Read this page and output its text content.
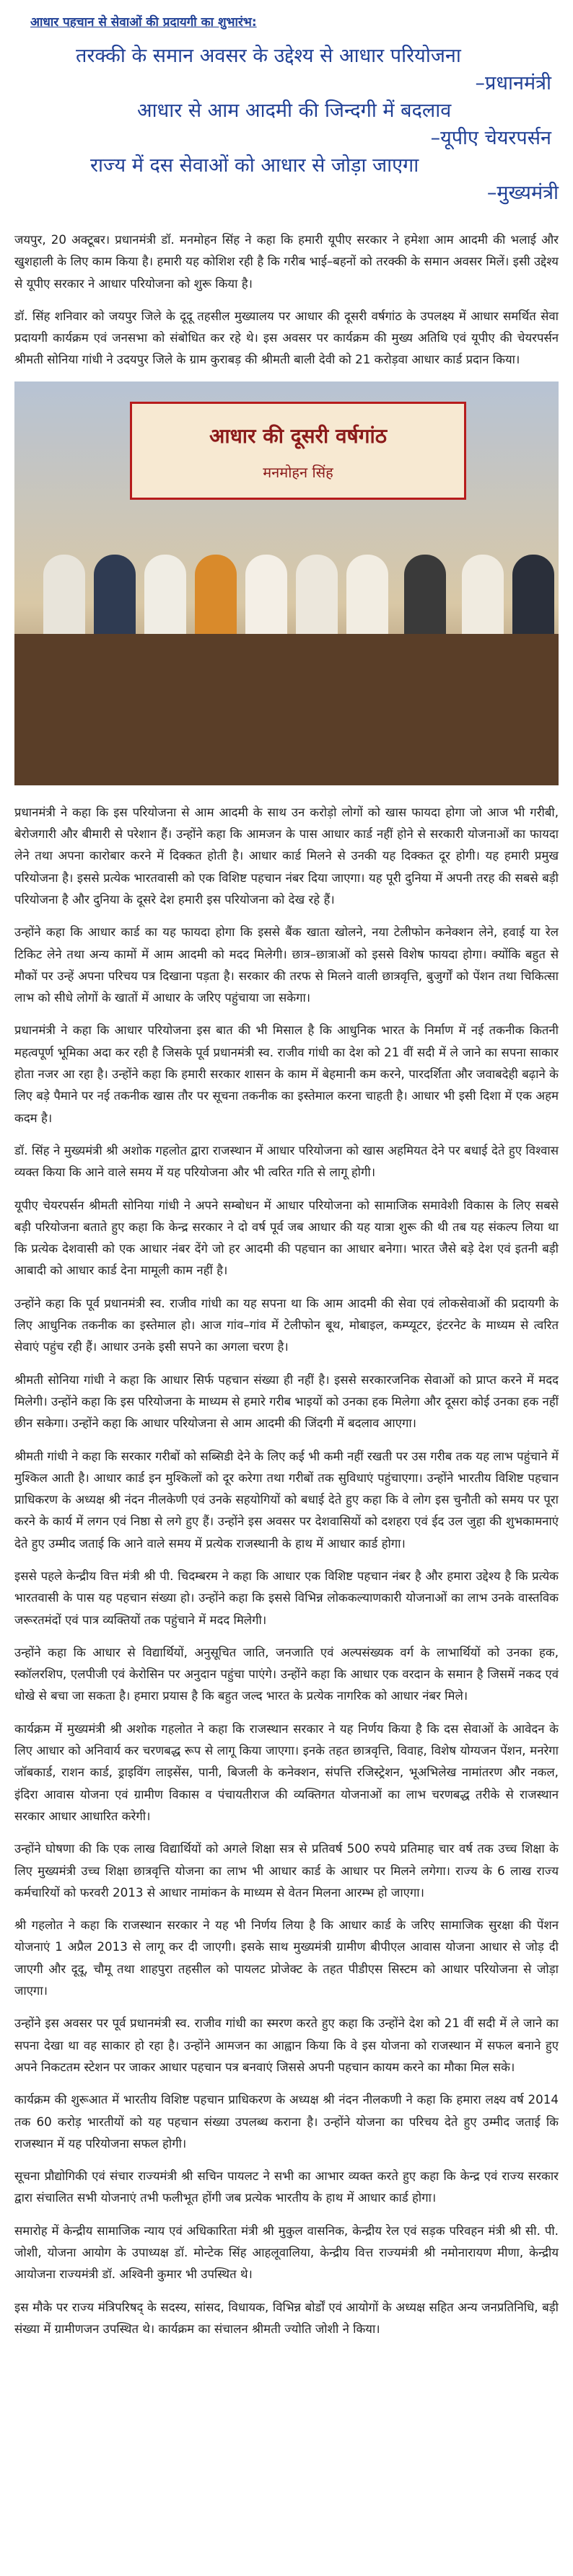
आधार पहचान से सेवाओं की प्रदायगी का शुभारंभ:
तरक्की के समान अवसर के उद्देश्य से आधार परियोजना
–प्रधानमंत्री
आधार से आम आदमी की जिन्दगी में बदलाव
–यूपीए चेयरपर्सन
राज्य में दस सेवाओं को आधार से जोड़ा जाएगा
–मुख्यमंत्री

जयपुर, 20 अक्टूबर। प्रधानमंत्री डॉ. मनमोहन सिंह ने कहा कि हमारी यूपीए सरकार ने हमेशा आम आदमी की भलाई और खुशहाली के लिए काम किया है। हमारी यह कोशिश रही है कि गरीब भाई–बहनों को तरक्की के समान अवसर मिलें। इसी उद्देश्य से यूपीए सरकार ने आधार परियोजना को शुरू किया है।

डॉ. सिंह शनिवार को जयपुर जिले के दूदू तहसील मुख्यालय पर आधार की दूसरी वर्षगांठ के उपलक्ष्य में आधार समर्थित सेवा प्रदायगी कार्यक्रम एवं जनसभा को संबोधित कर रहे थे। इस अवसर पर कार्यक्रम की मुख्य अतिथि एवं यूपीए की चेयरपर्सन श्रीमती सोनिया गांधी ने उदयपुर जिले के ग्राम कुराबड़ की श्रीमती बाली देवी को 21 करोड़वा आधार कार्ड प्रदान किया।

आधार की दूसरी वर्षगांठ
मनमोहन सिंह

प्रधानमंत्री ने कहा कि इस परियोजना से आम आदमी के साथ उन करोड़ो लोगों को खास फायदा होगा जो आज भी गरीबी, बेरोजगारी और बीमारी से परेशान हैं। उन्होंने कहा कि आमजन के पास आधार कार्ड नहीं होने से सरकारी योजनाओं का फायदा लेने तथा अपना कारोबार करने में दिक्कत होती है। आधार कार्ड मिलने से उनकी यह दिक्कत दूर होगी। यह हमारी प्रमुख परियोजना है। इससे प्रत्येक भारतवासी को एक विशिष्ट पहचान नंबर दिया जाएगा। यह पूरी दुनिया में अपनी तरह की सबसे बड़ी परियोजना है और दुनिया के दूसरे देश हमारी इस परियोजना को देख रहे हैं।

उन्होंने कहा कि आधार कार्ड का यह फायदा होगा कि इससे बैंक खाता खोलने, नया टेलीफोन कनेक्शन लेने, हवाई या रेल टिकिट लेने तथा अन्य कामों में आम आदमी को मदद मिलेगी। छात्र–छात्राओं को इससे विशेष फायदा होगा। क्योंकि बहुत से मौकों पर उन्हें अपना परिचय पत्र दिखाना पड़ता है। सरकार की तरफ से मिलने वाली छात्रवृत्ति, बुजुर्गों को पेंशन तथा चिकित्सा लाभ को सीधे लोगों के खातों में आधार के जरिए पहुंचाया जा सकेगा।

प्रधानमंत्री ने कहा कि आधार परियोजना इस बात की भी मिसाल है कि आधुनिक भारत के निर्माण में नई तकनीक कितनी महत्वपूर्ण भूमिका अदा कर रही है जिसके पूर्व प्रधानमंत्री स्व. राजीव गांधी का देश को 21 वीं सदी में ले जाने का सपना साकार होता नजर आ रहा है। उन्होंने कहा कि हमारी सरकार शासन के काम में बेहमानी कम करने, पारदर्शिता और जवाबदेही बढ़ाने के लिए बड़े पैमाने पर नई तकनीक खास तौर पर सूचना तकनीक का इस्तेमाल करना चाहती है। आधार भी इसी दिशा में एक अहम कदम है।

डॉ. सिंह ने मुख्यमंत्री श्री अशोक गहलोत द्वारा राजस्थान में आधार परियोजना को खास अहमियत देने पर बधाई देते हुए विश्वास व्यक्त किया कि आने वाले समय में यह परियोजना और भी त्वरित गति से लागू होगी।

यूपीए चेयरपर्सन श्रीमती सोनिया गांधी ने अपने सम्बोधन में आधार परियोजना को सामाजिक समावेशी विकास के लिए सबसे बड़ी परियोजना बताते हुए कहा कि केन्द्र सरकार ने दो वर्ष पूर्व जब आधार की यह यात्रा शुरू की थी तब यह संकल्प लिया था कि प्रत्येक देशवासी को एक आधार नंबर देंगे जो हर आदमी की पहचान का आधार बनेगा। भारत जैसे बड़े देश एवं इतनी बड़ी आबादी को आधार कार्ड देना मामूली काम नहीं है।

उन्होंने कहा कि पूर्व प्रधानमंत्री स्व. राजीव गांधी का यह सपना था कि आम आदमी की सेवा एवं लोकसेवाओं की प्रदायगी के लिए आधुनिक तकनीक का इस्तेमाल हो। आज गांव–गांव में टेलीफोन बूथ, मोबाइल, कम्प्यूटर, इंटरनेट के माध्यम से त्वरित सेवाएं पहुंच रही हैं। आधार उनके इसी सपने का अगला चरण है।

श्रीमती सोनिया गांधी ने कहा कि आधार सिर्फ पहचान संख्या ही नहीं है। इससे सरकारजनिक सेवाओं को प्राप्त करने में मदद मिलेगी। उन्होंने कहा कि इस परियोजना के माध्यम से हमारे गरीब भाइयों को उनका हक मिलेगा और दूसरा कोई उनका हक नहीं छीन सकेगा। उन्होंने कहा कि आधार परियोजना से आम आदमी की जिंदगी में बदलाव आएगा।

श्रीमती गांधी ने कहा कि सरकार गरीबों को सब्सिडी देने के लिए कई भी कमी नहीं रखती पर उस गरीब तक यह लाभ पहुंचाने में मुश्किल आती है। आधार कार्ड इन मुश्किलों को दूर करेगा तथा गरीबों तक सुविधाएं पहुंचाएगा। उन्होंने भारतीय विशिष्ट पहचान प्राधिकरण के अध्यक्ष श्री नंदन नीलकेणी एवं उनके सहयोगियों को बधाई देते हुए कहा कि वे लोग इस चुनौती को समय पर पूरा करने के कार्य में लगन एवं निष्ठा से लगे हुए हैं। उन्होंने इस अवसर पर देशवासियों को दशहरा एवं ईद उल जुहा की शुभकामनाएं देते हुए उम्मीद जताई कि आने वाले समय में प्रत्येक राजस्थानी के हाथ में आधार कार्ड होगा।

इससे पहले केन्द्रीय वित्त मंत्री श्री पी. चिदम्बरम ने कहा कि आधार एक विशिष्ट पहचान नंबर है और हमारा उद्देश्य है कि प्रत्येक भारतवासी के पास यह पहचान संख्या हो। उन्होंने कहा कि इससे विभिन्न लोककल्याणकारी योजनाओं का लाभ उनके वास्तविक जरूरतमंदों एवं पात्र व्यक्तियों तक पहुंचाने में मदद मिलेगी।

उन्होंने कहा कि आधार से विद्यार्थियों, अनुसूचित जाति, जनजाति एवं अल्पसंख्यक वर्ग के लाभार्थियों को उनका हक, स्कॉलरशिप, एलपीजी एवं केरोसिन पर अनुदान पहुंचा पाएंगे। उन्होंने कहा कि आधार एक वरदान के समान है जिसमें नकद एवं धोखे से बचा जा सकता है। हमारा प्रयास है कि बहुत जल्द भारत के प्रत्येक नागरिक को आधार नंबर मिले।

कार्यक्रम में मुख्यमंत्री श्री अशोक गहलोत ने कहा कि राजस्थान सरकार ने यह निर्णय किया है कि दस सेवाओं के आवेदन के लिए आधार को अनिवार्य कर चरणबद्ध रूप से लागू किया जाएगा। इनके तहत छात्रवृत्ति, विवाह, विशेष योग्यजन पेंशन, मनरेगा जॉबकार्ड, राशन कार्ड, ड्राइविंग लाइसेंस, पानी, बिजली के कनेक्शन, संपत्ति रजिस्ट्रेशन, भूअभिलेख नामांतरण और नकल, इंदिरा आवास योजना एवं ग्रामीण विकास व पंचायतीराज की व्यक्तिगत योजनाओं का लाभ चरणबद्ध तरीके से राजस्थान सरकार आधार आधारित करेगी।

उन्होंने घोषणा की कि एक लाख विद्यार्थियों को अगले शिक्षा सत्र से प्रतिवर्ष 500 रुपये प्रतिमाह चार वर्ष तक उच्च शिक्षा के लिए मुख्यमंत्री उच्च शिक्षा छात्रवृत्ति योजना का लाभ भी आधार कार्ड के आधार पर मिलने लगेगा। राज्य के 6 लाख राज्य कर्मचारियों को फरवरी 2013 से आधार नामांकन के माध्यम से वेतन मिलना आरम्भ हो जाएगा।

श्री गहलोत ने कहा कि राजस्थान सरकार ने यह भी निर्णय लिया है कि आधार कार्ड के जरिए सामाजिक सुरक्षा की पेंशन योजनाएं 1 अप्रैल 2013 से लागू कर दी जाएगी। इसके साथ मुख्यमंत्री ग्रामीण बीपीएल आवास योजना आधार से जोड़ दी जाएगी और दूदू, चौमू तथा शाहपुरा तहसील को पायलट प्रोजेक्ट के तहत पीडीएस सिस्टम को आधार परियोजना से जोड़ा जाएगा।

उन्होंने इस अवसर पर पूर्व प्रधानमंत्री स्व. राजीव गांधी का स्मरण करते हुए कहा कि उन्होंने देश को 21 वीं सदी में ले जाने का सपना देखा था वह साकार हो रहा है। उन्होंने आमजन का आह्वान किया कि वे इस योजना को राजस्थान में सफल बनाने हुए अपने निकटतम स्टेशन पर जाकर आधार पहचान पत्र बनवाएं जिससे अपनी पहचान कायम करने का मौका मिल सके।

कार्यक्रम की शुरूआत में भारतीय विशिष्ट पहचान प्राधिकरण के अध्यक्ष श्री नंदन नीलकणी ने कहा कि हमारा लक्ष्य वर्ष 2014 तक 60 करोड़ भारतीयों को यह पहचान संख्या उपलब्ध कराना है। उन्होंने योजना का परिचय देते हुए उम्मीद जताई कि राजस्थान में यह परियोजना सफल होगी।

सूचना प्रौद्योगिकी एवं संचार राज्यमंत्री श्री सचिन पायलट ने सभी का आभार व्यक्त करते हुए कहा कि केन्द्र एवं राज्य सरकार द्वारा संचालित सभी योजनाएं तभी फलीभूत होंगी जब प्रत्येक भारतीय के हाथ में आधार कार्ड होगा।

समारोह में केन्द्रीय सामाजिक न्याय एवं अधिकारिता मंत्री श्री मुकुल वासनिक, केन्द्रीय रेल एवं सड़क परिवहन मंत्री श्री सी. पी. जोशी, योजना आयोग के उपाध्यक्ष डॉ. मोन्टेक सिंह आहलूवालिया, केन्द्रीय वित्त राज्यमंत्री श्री नमोनारायण मीणा, केन्द्रीय आयोजना राज्यमंत्री डॉ. अश्विनी कुमार भी उपस्थित थे।

इस मौके पर राज्य मंत्रिपरिषद् के सदस्य, सांसद, विधायक, विभिन्न बोर्डों एवं आयोगों के अध्यक्ष सहित अन्य जनप्रतिनिधि, बड़ी संख्या में ग्रामीणजन उपस्थित थे। कार्यक्रम का संचालन श्रीमती ज्योति जोशी ने किया।
